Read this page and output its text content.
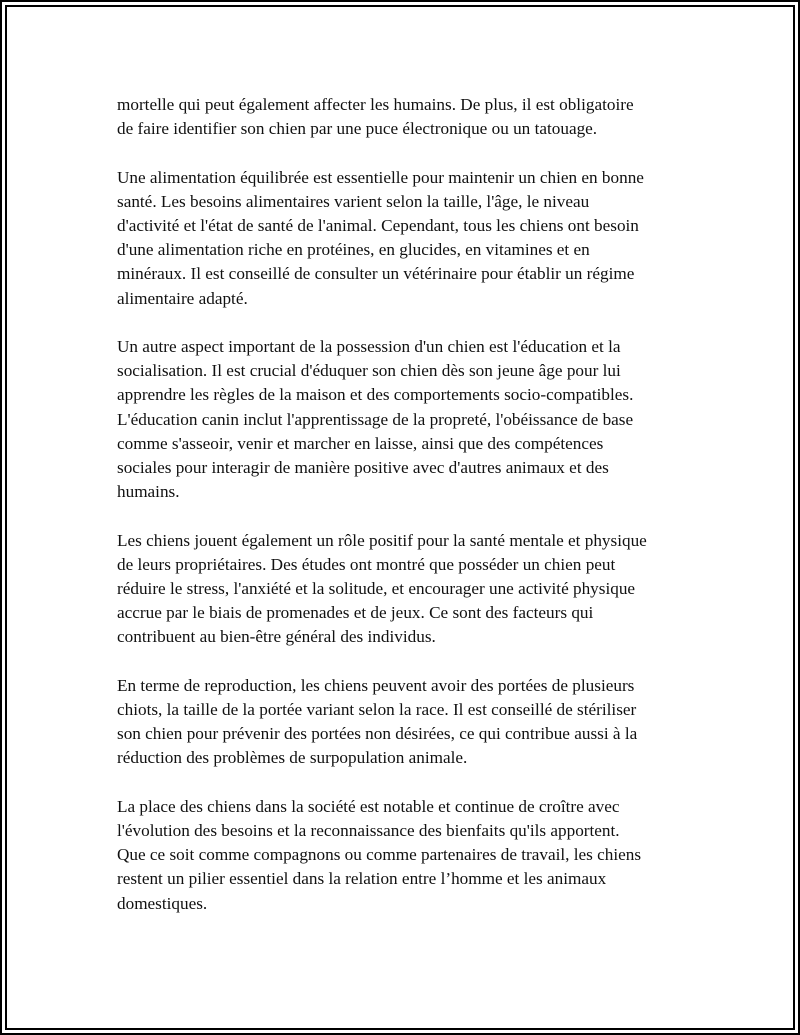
mortelle qui peut également affecter les humains. De plus, il est obligatoire
de faire identifier son chien par une puce électronique ou un tatouage.

Une alimentation équilibrée est essentielle pour maintenir un chien en bonne
santé. Les besoins alimentaires varient selon la taille, l'âge, le niveau
d'activité et l'état de santé de l'animal. Cependant, tous les chiens ont besoin
d'une alimentation riche en protéines, en glucides, en vitamines et en
minéraux. Il est conseillé de consulter un vétérinaire pour établir un régime
alimentaire adapté.

Un autre aspect important de la possession d'un chien est l'éducation et la
socialisation. Il est crucial d'éduquer son chien dès son jeune âge pour lui
apprendre les règles de la maison et des comportements socio-compatibles.
L'éducation canin inclut l'apprentissage de la propreté, l'obéissance de base
comme s'asseoir, venir et marcher en laisse, ainsi que des compétences
sociales pour interagir de manière positive avec d'autres animaux et des
humains.

Les chiens jouent également un rôle positif pour la santé mentale et physique
de leurs propriétaires. Des études ont montré que posséder un chien peut
réduire le stress, l'anxiété et la solitude, et encourager une activité physique
accrue par le biais de promenades et de jeux. Ce sont des facteurs qui
contribuent au bien-être général des individus.

En terme de reproduction, les chiens peuvent avoir des portées de plusieurs
chiots, la taille de la portée variant selon la race. Il est conseillé de stériliser
son chien pour prévenir des portées non désirées, ce qui contribue aussi à la
réduction des problèmes de surpopulation animale.

La place des chiens dans la société est notable et continue de croître avec
l'évolution des besoins et la reconnaissance des bienfaits qu'ils apportent.
Que ce soit comme compagnons ou comme partenaires de travail, les chiens
restent un pilier essentiel dans la relation entre l’homme et les animaux
domestiques.
